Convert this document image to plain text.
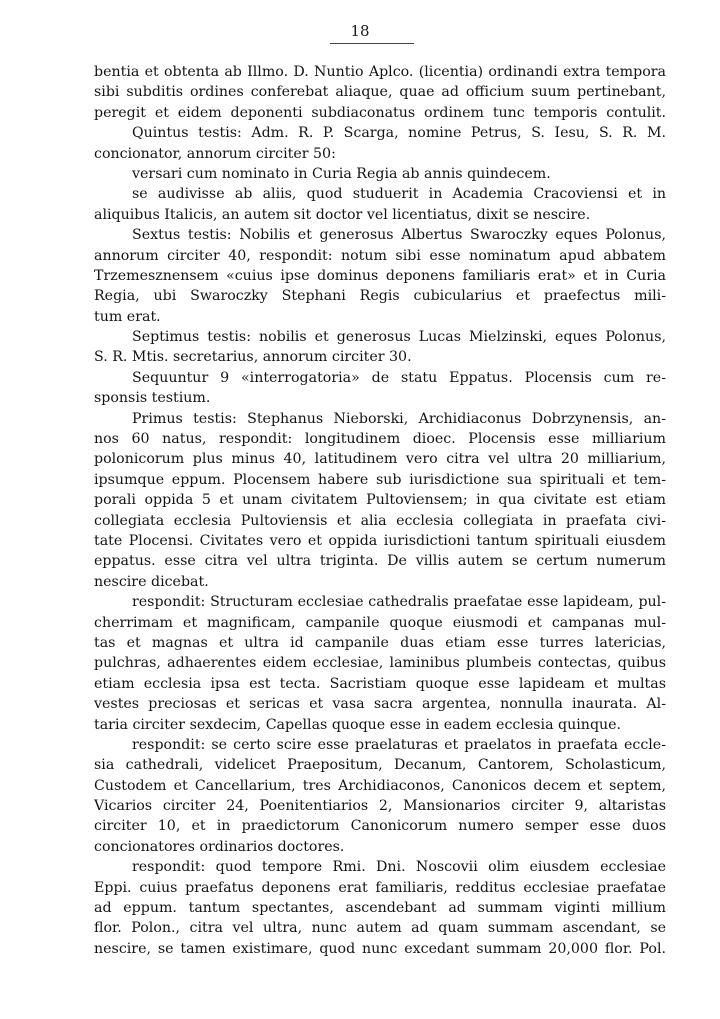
18
bentia et obtenta ab Illmo. D. Nuntio Aplco. (licentia) ordinandi extra tempora
sibi subditis ordines conferebat aliaque, quae ad officium suum pertinebant,
peregit et eidem deponenti subdiaconatus ordinem tunc temporis contulit.
Quintus testis: Adm. R. P. Scarga, nomine Petrus, S. Iesu, S. R. M.
concionator, annorum circiter 50:
versari cum nominato in Curia Regia ab annis quindecem.
se audivisse ab aliis, quod studuerit in Academia Cracoviensi et in
aliquibus Italicis, an autem sit doctor vel licentiatus, dixit se nescire.
Sextus testis: Nobilis et generosus Albertus Swaroczky eques Polonus,
annorum circiter 40, respondit: notum sibi esse nominatum apud abbatem
Trzemesznensem «cuius ipse dominus deponens familiaris erat» et in Curia
Regia, ubi Swaroczky Stephani Regis cubicularius et praefectus mili-
tum erat.
Septimus testis: nobilis et generosus Lucas Mielzinski, eques Polonus,
S. R. Mtis. secretarius, annorum circiter 30.
Sequuntur 9 «interrogatoria» de statu Eppatus. Plocensis cum re-
sponsis testium.
Primus testis: Stephanus Nieborski, Archidiaconus Dobrzynensis, an-
nos 60 natus, respondit: longitudinem dioec. Plocensis esse milliarium
polonicorum plus minus 40, latitudinem vero citra vel ultra 20 milliarium,
ipsumque eppum. Plocensem habere sub iurisdictione sua spirituali et tem-
porali oppida 5 et unam civitatem Pultoviensem; in qua civitate est etiam
collegiata ecclesia Pultoviensis et alia ecclesia collegiata in praefata civi-
tate Plocensi. Civitates vero et oppida iurisdictioni tantum spirituali eiusdem
eppatus. esse citra vel ultra triginta. De villis autem se certum numerum
nescire dicebat.
respondit: Structuram ecclesiae cathedralis praefatae esse lapideam, pul-
cherrimam et magnificam, campanile quoque eiusmodi et campanas mul-
tas et magnas et ultra id campanile duas etiam esse turres latericias,
pulchras, adhaerentes eidem ecclesiae, laminibus plumbeis contectas, quibus
etiam ecclesia ipsa est tecta. Sacristiam quoque esse lapideam et multas
vestes preciosas et sericas et vasa sacra argentea, nonnulla inaurata. Al-
taria circiter sexdecim, Capellas quoque esse in eadem ecclesia quinque.
respondit: se certo scire esse praelaturas et praelatos in praefata eccle-
sia cathedrali, videlicet Praepositum, Decanum, Cantorem, Scholasticum,
Custodem et Cancellarium, tres Archidiaconos, Canonicos decem et septem,
Vicarios circiter 24, Poenitentiarios 2, Mansionarios circiter 9, altaristas
circiter 10, et in praedictorum Canonicorum numero semper esse duos
concionatores ordinarios doctores.
respondit: quod tempore Rmi. Dni. Noscovii olim eiusdem ecclesiae
Eppi. cuius praefatus deponens erat familiaris, redditus ecclesiae praefatae
ad eppum. tantum spectantes, ascendebant ad summam viginti millium
flor. Polon., citra vel ultra, nunc autem ad quam summam ascendant, se
nescire, se tamen existimare, quod nunc excedant summam 20,000 flor. Pol.
